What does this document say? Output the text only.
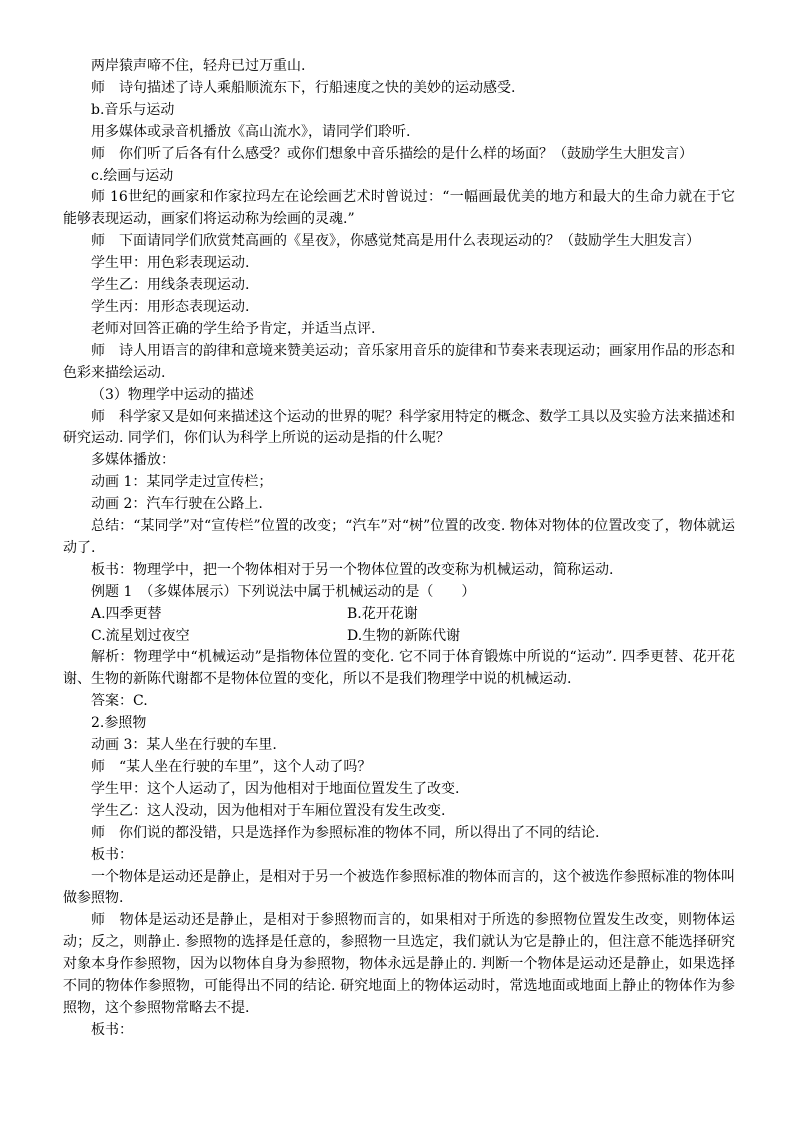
两岸猿声啼不住，轻舟已过万重山.

师　诗句描述了诗人乘船顺流东下，行船速度之快的美妙的运动感受.

b.音乐与运动

用多媒体或录音机播放《高山流水》，请同学们聆听.

师　你们听了后各有什么感受？或你们想象中音乐描绘的是什么样的场面？（鼓励学生大胆发言）

c.绘画与运动

师 16世纪的画家和作家拉玛左在论绘画艺术时曾说过：“一幅画最优美的地方和最大的生命力就在于它能够表现运动，画家们将运动称为绘画的灵魂.”

师　下面请同学们欣赏梵高画的《星夜》，你感觉梵高是用什么表现运动的？（鼓励学生大胆发言）

学生甲：用色彩表现运动.

学生乙：用线条表现运动.

学生丙：用形态表现运动.

老师对回答正确的学生给予肯定，并适当点评.

师　诗人用语言的韵律和意境来赞美运动；音乐家用音乐的旋律和节奏来表现运动；画家用作品的形态和色彩来描绘运动.

（3）物理学中运动的描述

师　科学家又是如何来描述这个运动的世界的呢？科学家用特定的概念、数学工具以及实验方法来描述和研究运动. 同学们，你们认为科学上所说的运动是指的什么呢？

多媒体播放：

动画 1：某同学走过宣传栏；

动画 2：汽车行驶在公路上.

总结：“某同学”对“宣传栏”位置的改变；“汽车”对“树”位置的改变. 物体对物体的位置改变了，物体就运动了.

板书：物理学中，把一个物体相对于另一个物体位置的改变称为机械运动，简称运动.

例题 1　（多媒体展示）下列说法中属于机械运动的是（　　）

A.四季更替	B.花开花谢
C.流星划过夜空	D.生物的新陈代谢

解析：物理学中“机械运动”是指物体位置的变化. 它不同于体育锻炼中所说的“运动”. 四季更替、花开花谢、生物的新陈代谢都不是物体位置的变化，所以不是我们物理学中说的机械运动.

答案：C.

2.参照物

动画 3：某人坐在行驶的车里.

师　“某人坐在行驶的车里”，这个人动了吗？

学生甲：这个人运动了，因为他相对于地面位置发生了改变.

学生乙：这人没动，因为他相对于车厢位置没有发生改变.

师　你们说的都没错，只是选择作为参照标准的物体不同，所以得出了不同的结论.

板书：

一个物体是运动还是静止，是相对于另一个被选作参照标准的物体而言的，这个被选作参照标准的物体叫做参照物.

师　物体是运动还是静止，是相对于参照物而言的，如果相对于所选的参照物位置发生改变，则物体运动；反之，则静止. 参照物的选择是任意的，参照物一旦选定，我们就认为它是静止的，但注意不能选择研究对象本身作参照物，因为以物体自身为参照物，物体永远是静止的. 判断一个物体是运动还是静止，如果选择不同的物体作参照物，可能得出不同的结论. 研究地面上的物体运动时，常选地面或地面上静止的物体作为参照物，这个参照物常略去不提.

板书：
